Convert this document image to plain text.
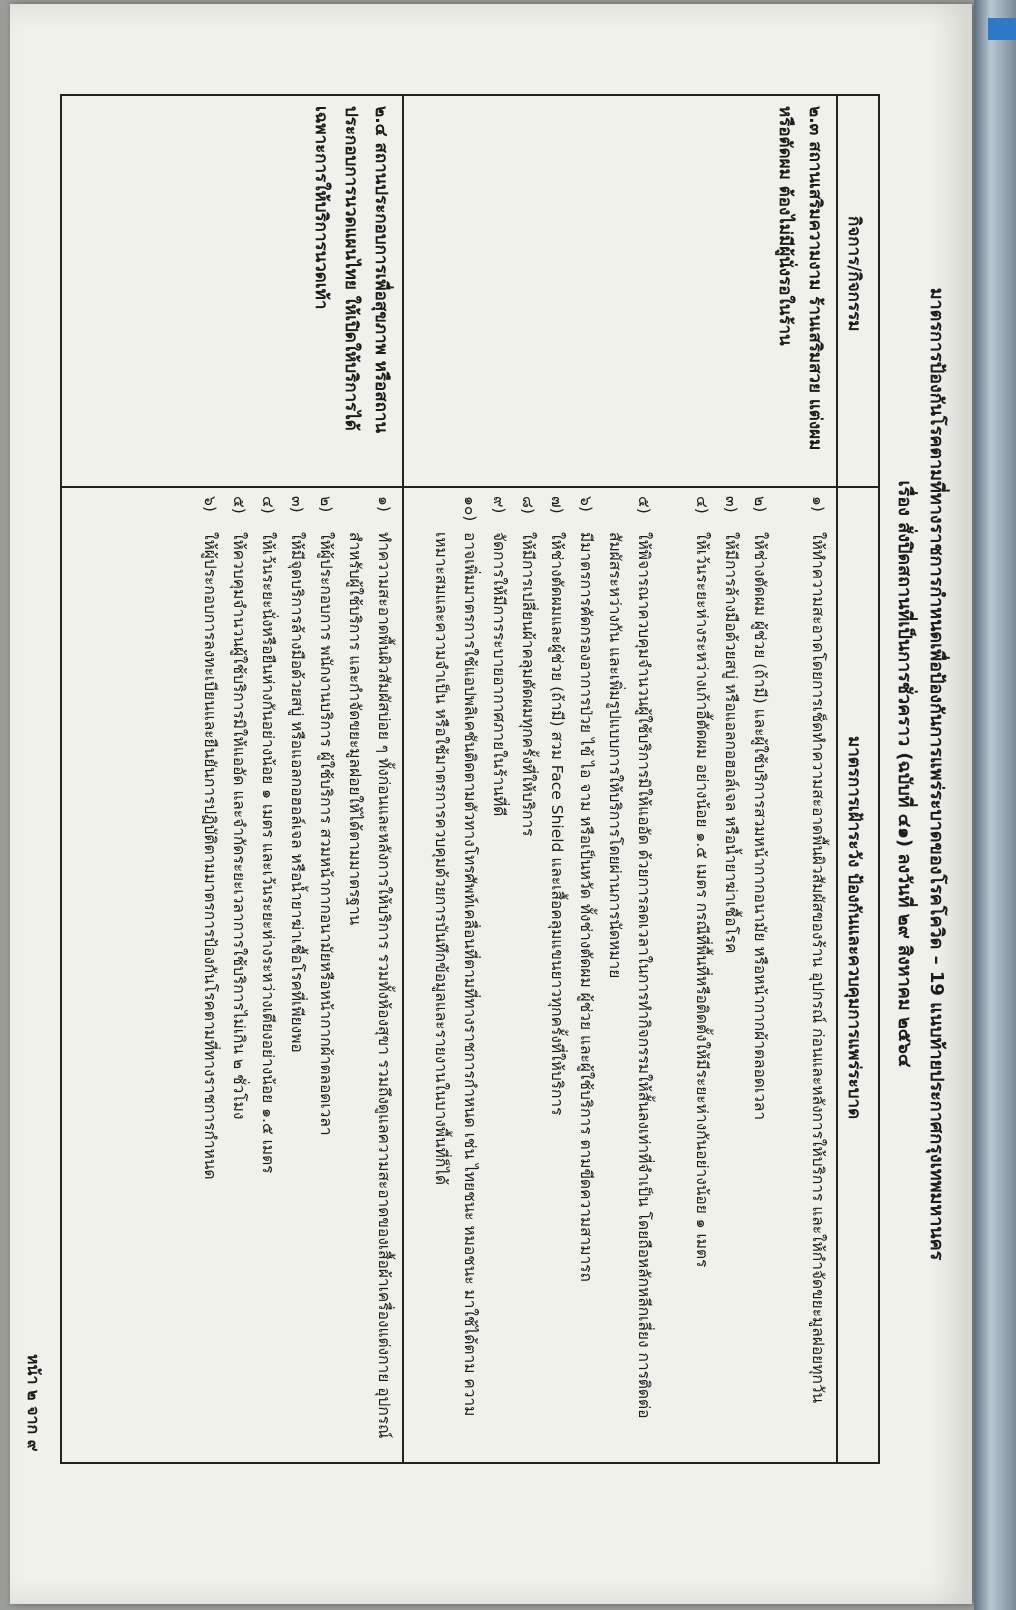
มาตรการป้องกันโรคตามที่ทางราชการกำหนดเพื่อป้องกันการแพร่ระบาดของโรคโควิด – 19 แนบท้ายประกาศกรุงเทพมหานคร
เรื่อง สั่งปิดสถานที่เป็นการชั่วคราว (ฉบับที่ ๔๑) ลงวันที่ ๒๙ สิงหาคม ๒๕๖๔
กิจการ/กิจกรรม
มาตรการเฝ้าระวัง ป้องกันและควบคุมการแพร่ระบาด
๒.๓ สถานเสริมความงาม ร้านเสริมสวย แต่งผม หรือตัดผม ต้องไม่มีผู้นั่งรอในร้าน
๒.๔ สถานประกอบการเพื่อสุขภาพ หรือสถานประกอบการนวดแผนไทย ให้เปิดให้บริการได้เฉพาะการให้บริการนวดเท้า
๑)ให้ทำความสะอาดโดยการเช็ดทำความสะอาดพื้นผิวสัมผัสของร้าน อุปกรณ์ ก่อนและหลังการให้บริการ และให้กำจัดขยะมูลฝอยทุกวัน
๒)ให้ช่างตัดผม ผู้ช่วย (ถ้ามี) และผู้ใช้บริการสวมหน้ากากอนามัย หรือหน้ากากผ้าตลอดเวลา
๓)ให้มีการล้างมือด้วยสบู่ หรือแอลกอฮอล์เจล หรือน้ำยาฆ่าเชื้อโรค
๔)ให้เว้นระยะห่างระหว่างเก้าอี้ตัดผม อย่างน้อย ๑.๕ เมตร กรณีที่พื้นที่หรือติดตั้งให้มีระยะห่างกันอย่างน้อย ๑ เมตร
๕)ให้พิจารณาควบคุมจำนวนผู้ใช้บริการมิให้แออัด ด้วยการลดเวลาในการทำกิจกรรมให้สั้นลงเท่าที่จำเป็น โดยถือหลักหลีกเลี่ยง การติดต่อสัมผัสระหว่างกัน และเพิ่มรูปแบบการให้บริการโดยผ่านการนัดหมาย
๖)มีมาตรการคัดกรองอาการป่วย ไข้ ไอ จาม หรือเป็นหวัด ทั้งช่างตัดผม ผู้ช่วย และผู้ใช้บริการ ตามขีดความสามารถ
๗)ให้ช่างตัดผมและผู้ช่วย (ถ้ามี) สวม Face Shield และเสื้อคลุมแขนยาวทุกครั้งที่ให้บริการ
๘)ให้มีการเปลี่ยนผ้าคลุมตัดผมทุกครั้งที่ให้บริการ
๙)จัดการให้มีการระบายอากาศภายในร้านที่ดี
๑๐)อาจเพิ่มมาตรการใช้แอปพลิเคชันติดตามตัวทางโทรศัพท์เคลื่อนที่ตามที่ทางราชการกำหนด เช่น ไทยชนะ หมอชนะ มาใช้ได้ตาม ความเหมาะสมและความจำเป็น หรือใช้มาตรการควบคุมด้วยการบันทึกข้อมูลและรายงานในบางพื้นที่ก็ได้
๑)ทำความสะอาดพื้นผิวสัมผัสบ่อย ๆ ทั้งก่อนและหลังการให้บริการ รวมทั้งห้องสุขา รวมถึงดูแลความสะอาดของเสื้อผ้าเครื่องแต่งกาย อุปกรณ์สำหรับผู้ใช้บริการ และกำจัดขยะมูลฝอยให้ได้ตามมาตรฐาน
๒)ให้ผู้ประกอบการ พนักงานบริการ ผู้ใช้บริการ สวมหน้ากากอนามัยหรือหน้ากากผ้าตลอดเวลา
๓)ให้มีจุดบริการล้างมือด้วยสบู่ หรือแอลกอฮอล์เจล หรือน้ำยาฆ่าเชื้อโรคที่เพียงพอ
๔)ให้เว้นระยะนั่งหรือยืนห่างกันอย่างน้อย ๑ เมตร และเว้นระยะห่างระหว่างเตียงอย่างน้อย ๑.๕ เมตร
๕)ให้ควบคุมจำนวนผู้ใช้บริการมิให้แออัด และจำกัดระยะเวลาการใช้บริการไม่เกิน ๒ ชั่วโมง
๖)ให้ผู้ประกอบการลงทะเบียนและยืนยันการปฏิบัติตามมาตรการป้องกันโรคตามที่ทางราชการกำหนด
หน้า ๒ จาก ๙
